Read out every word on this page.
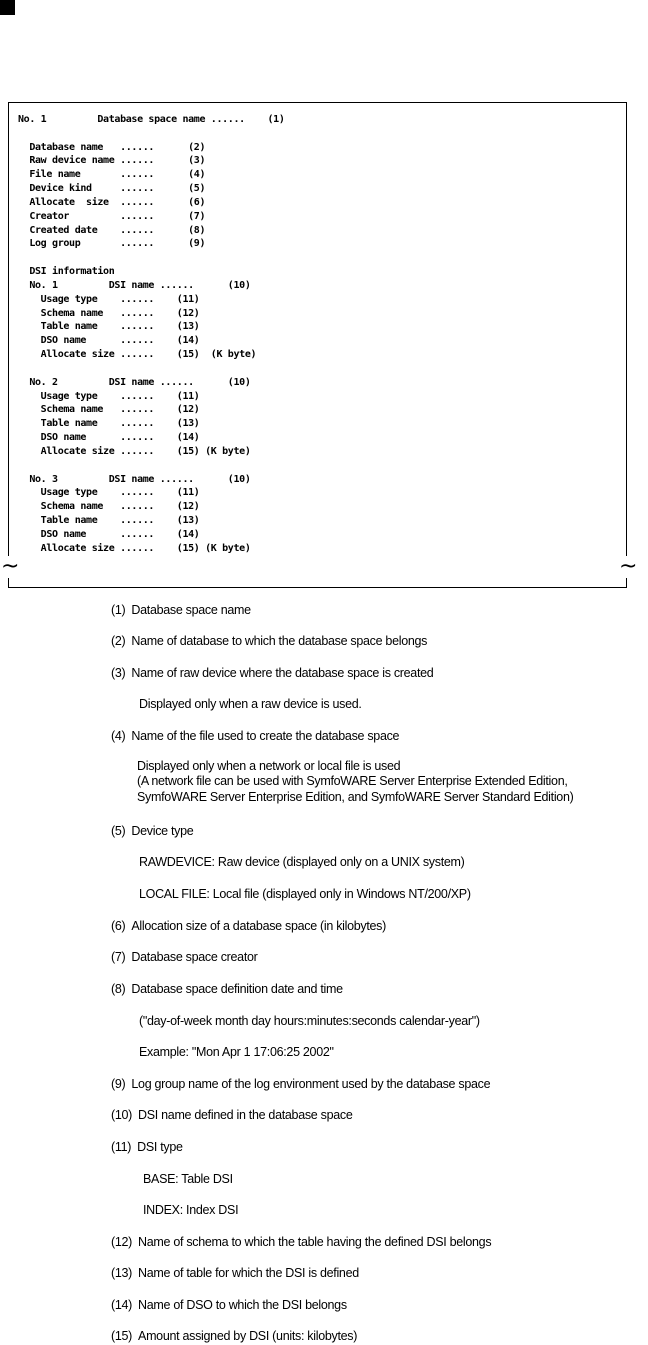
No. 1         Database space name ......    (1)

Database name   ......      (2)
Raw device name ......      (3)
File name       ......      (4)
Device kind     ......      (5)
Allocate  size  ......      (6)
Creator         ......      (7)
Created date    ......      (8)
Log group       ......      (9)

DSI information
No. 1         DSI name ......      (10)
Usage type    ......    (11)
Schema name   ......    (12)
Table name    ......    (13)
DSO name      ......    (14)
Allocate size ......    (15)  (K byte)

No. 2         DSI name ......      (10)
Usage type    ......    (11)
Schema name   ......    (12)
Table name    ......    (13)
DSO name      ......    (14)
Allocate size ......    (15) (K byte)

No. 3         DSI name ......      (10)
Usage type    ......    (11)
Schema name   ......    (12)
Table name    ......    (13)
DSO name      ......    (14)
Allocate size ......    (15) (K byte)

~	~
(1) Database space name
(2) Name of database to which the database space belongs
(3) Name of raw device where the database space is created
Displayed only when a raw device is used.
(4) Name of the file used to create the database space
Displayed only when a network or local file is used
(A network file can be used with SymfoWARE Server Enterprise Extended Edition,
SymfoWARE Server Enterprise Edition, and SymfoWARE Server Standard Edition)
(5) Device type
RAWDEVICE: Raw device (displayed only on a UNIX system)
LOCAL FILE: Local file (displayed only in Windows NT/200/XP)
(6) Allocation size of a database space (in kilobytes)
(7) Database space creator
(8) Database space definition date and time
("day-of-week month day hours:minutes:seconds calendar-year")
Example: "Mon Apr 1 17:06:25 2002"
(9) Log group name of the log environment used by the database space
(10) DSI name defined in the database space
(11) DSI type
BASE: Table DSI
INDEX: Index DSI
(12) Name of schema to which the table having the defined DSI belongs
(13) Name of table for which the DSI is defined
(14) Name of DSO to which the DSI belongs
(15) Amount assigned by DSI (units: kilobytes)
